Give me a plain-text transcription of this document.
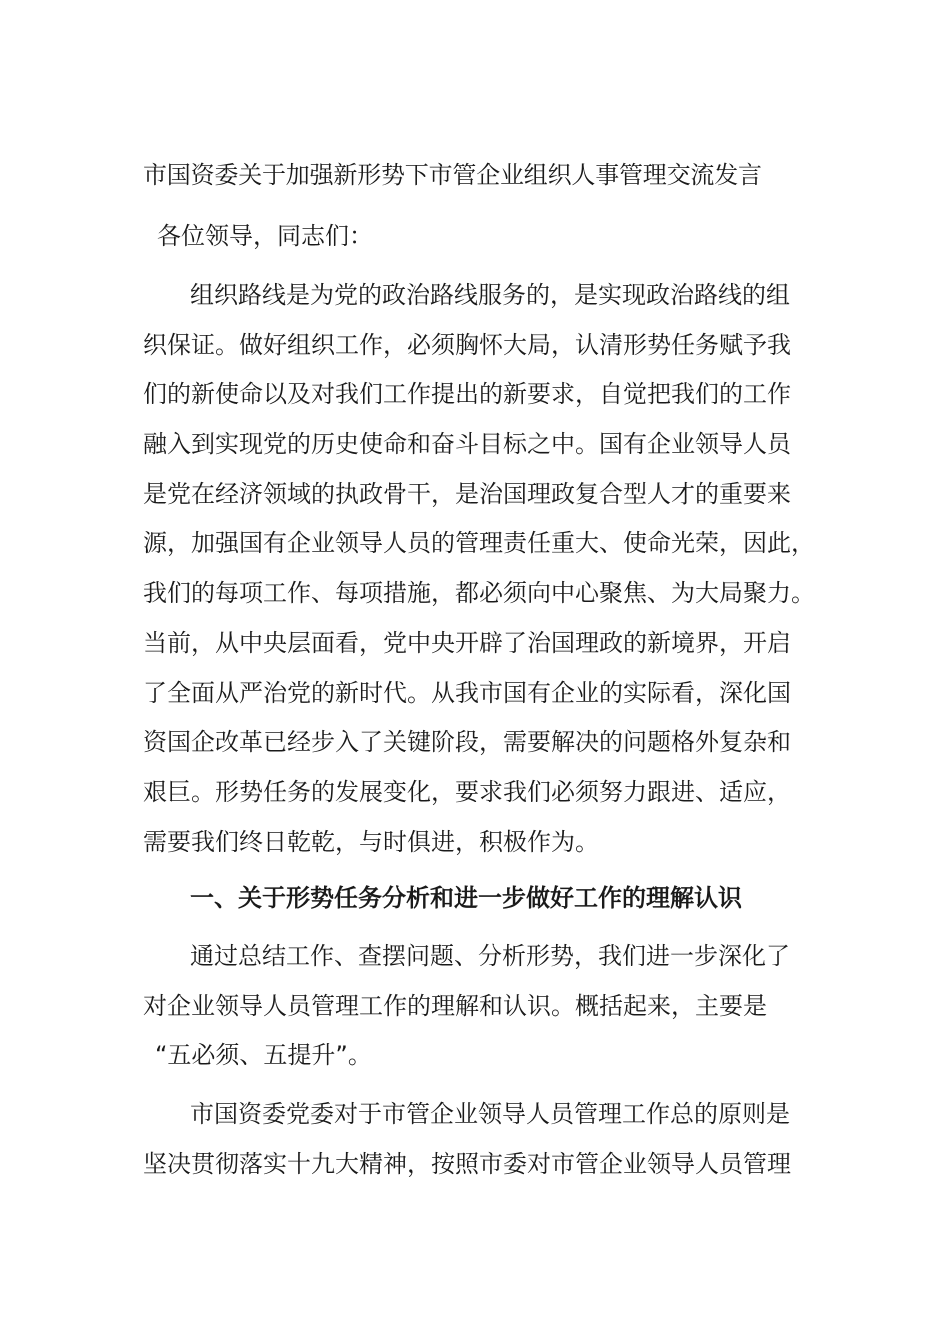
市国资委关于加强新形势下市管企业组织人事管理交流发言
各位领导，同志们：
组织路线是为党的政治路线服务的，是实现政治路线的组
织保证。做好组织工作，必须胸怀大局，认清形势任务赋予我
们的新使命以及对我们工作提出的新要求，自觉把我们的工作
融入到实现党的历史使命和奋斗目标之中。国有企业领导人员
是党在经济领域的执政骨干，是治国理政复合型人才的重要来
源，加强国有企业领导人员的管理责任重大、使命光荣，因此，
我们的每项工作、每项措施，都必须向中心聚焦、为大局聚力。
当前，从中央层面看，党中央开辟了治国理政的新境界，开启
了全面从严治党的新时代。从我市国有企业的实际看，深化国
资国企改革已经步入了关键阶段，需要解决的问题格外复杂和
艰巨。形势任务的发展变化，要求我们必须努力跟进、适应，
需要我们终日乾乾，与时俱进，积极作为。
一、关于形势任务分析和进一步做好工作的理解认识
通过总结工作、查摆问题、分析形势，我们进一步深化了
对企业领导人员管理工作的理解和认识。概括起来，主要是
“五必须、五提升”。
市国资委党委对于市管企业领导人员管理工作总的原则是
坚决贯彻落实十九大精神，按照市委对市管企业领导人员管理
